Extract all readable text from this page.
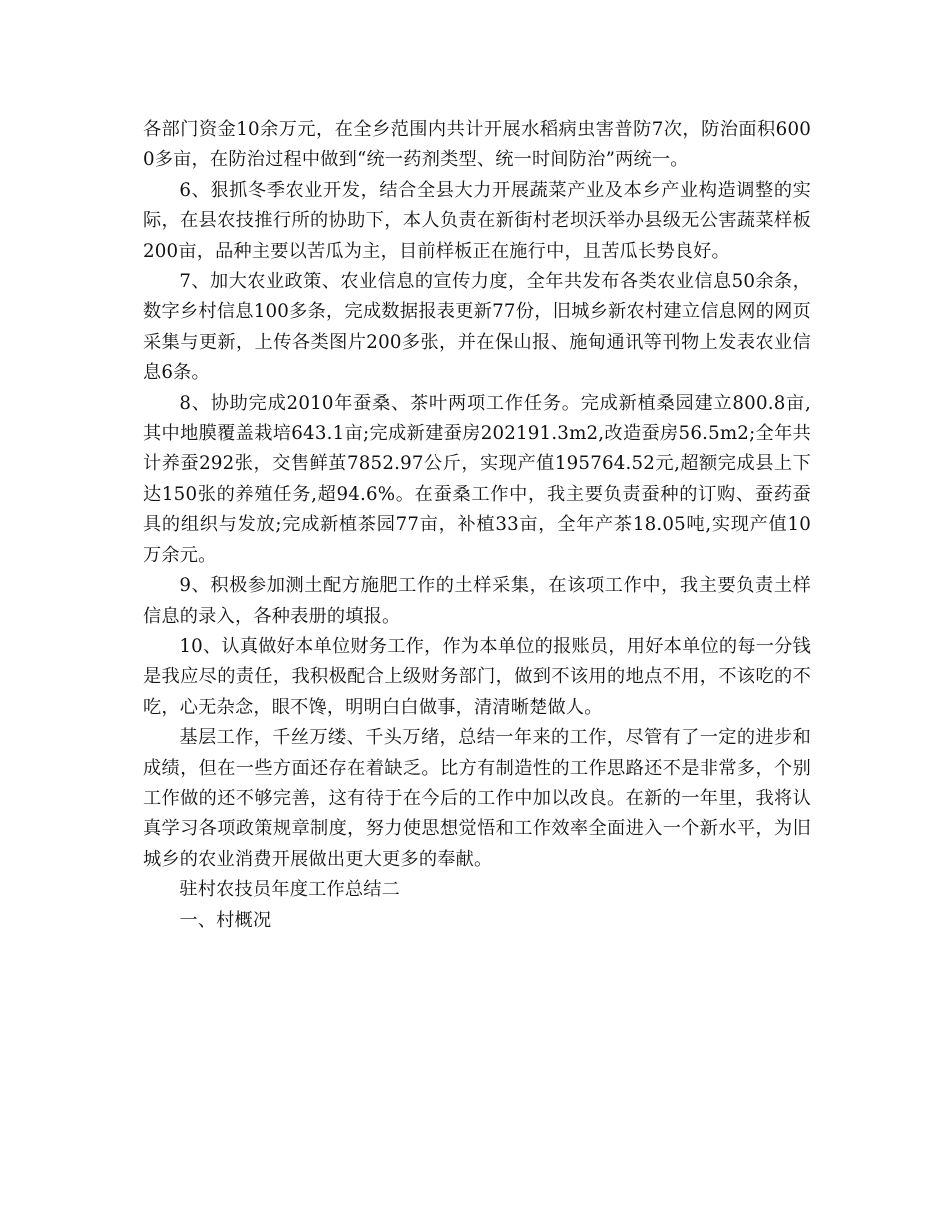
各部门资金10余万元，在全乡范围内共计开展水稻病虫害普防7次，防治面积6000多亩，在防治过程中做到“统一药剂类型、统一时间防治”两统一。

6、狠抓冬季农业开发，结合全县大力开展蔬菜产业及本乡产业构造调整的实际，在县农技推行所的协助下，本人负责在新街村老坝沃举办县级无公害蔬菜样板200亩，品种主要以苦瓜为主，目前样板正在施行中，且苦瓜长势良好。

7、加大农业政策、农业信息的宣传力度，全年共发布各类农业信息50余条，数字乡村信息100多条，完成数据报表更新77份，旧城乡新农村建立信息网的网页采集与更新，上传各类图片200多张，并在保山报、施甸通讯等刊物上发表农业信息6条。

8、协助完成2010年蚕桑、茶叶两项工作任务。完成新植桑园建立800.8亩,其中地膜覆盖栽培643.1亩;完成新建蚕房202191.3m2,改造蚕房56.5m2;全年共计养蚕292张，交售鲜茧7852.97公斤，实现产值195764.52元,超额完成县上下达150张的养殖任务,超94.6%。在蚕桑工作中，我主要负责蚕种的订购、蚕药蚕具的组织与发放;完成新植茶园77亩，补植33亩，全年产茶18.05吨,实现产值10万余元。

9、积极参加测土配方施肥工作的土样采集，在该项工作中，我主要负责土样信息的录入，各种表册的填报。

10、认真做好本单位财务工作，作为本单位的报账员，用好本单位的每一分钱是我应尽的责任，我积极配合上级财务部门，做到不该用的地点不用，不该吃的不吃，心无杂念，眼不馋，明明白白做事，清清晰楚做人。

基层工作，千丝万缕、千头万绪，总结一年来的工作，尽管有了一定的进步和成绩，但在一些方面还存在着缺乏。比方有制造性的工作思路还不是非常多，个别工作做的还不够完善，这有待于在今后的工作中加以改良。在新的一年里，我将认真学习各项政策规章制度，努力使思想觉悟和工作效率全面进入一个新水平，为旧城乡的农业消费开展做出更大更多的奉献。

驻村农技员年度工作总结二

一、村概况
